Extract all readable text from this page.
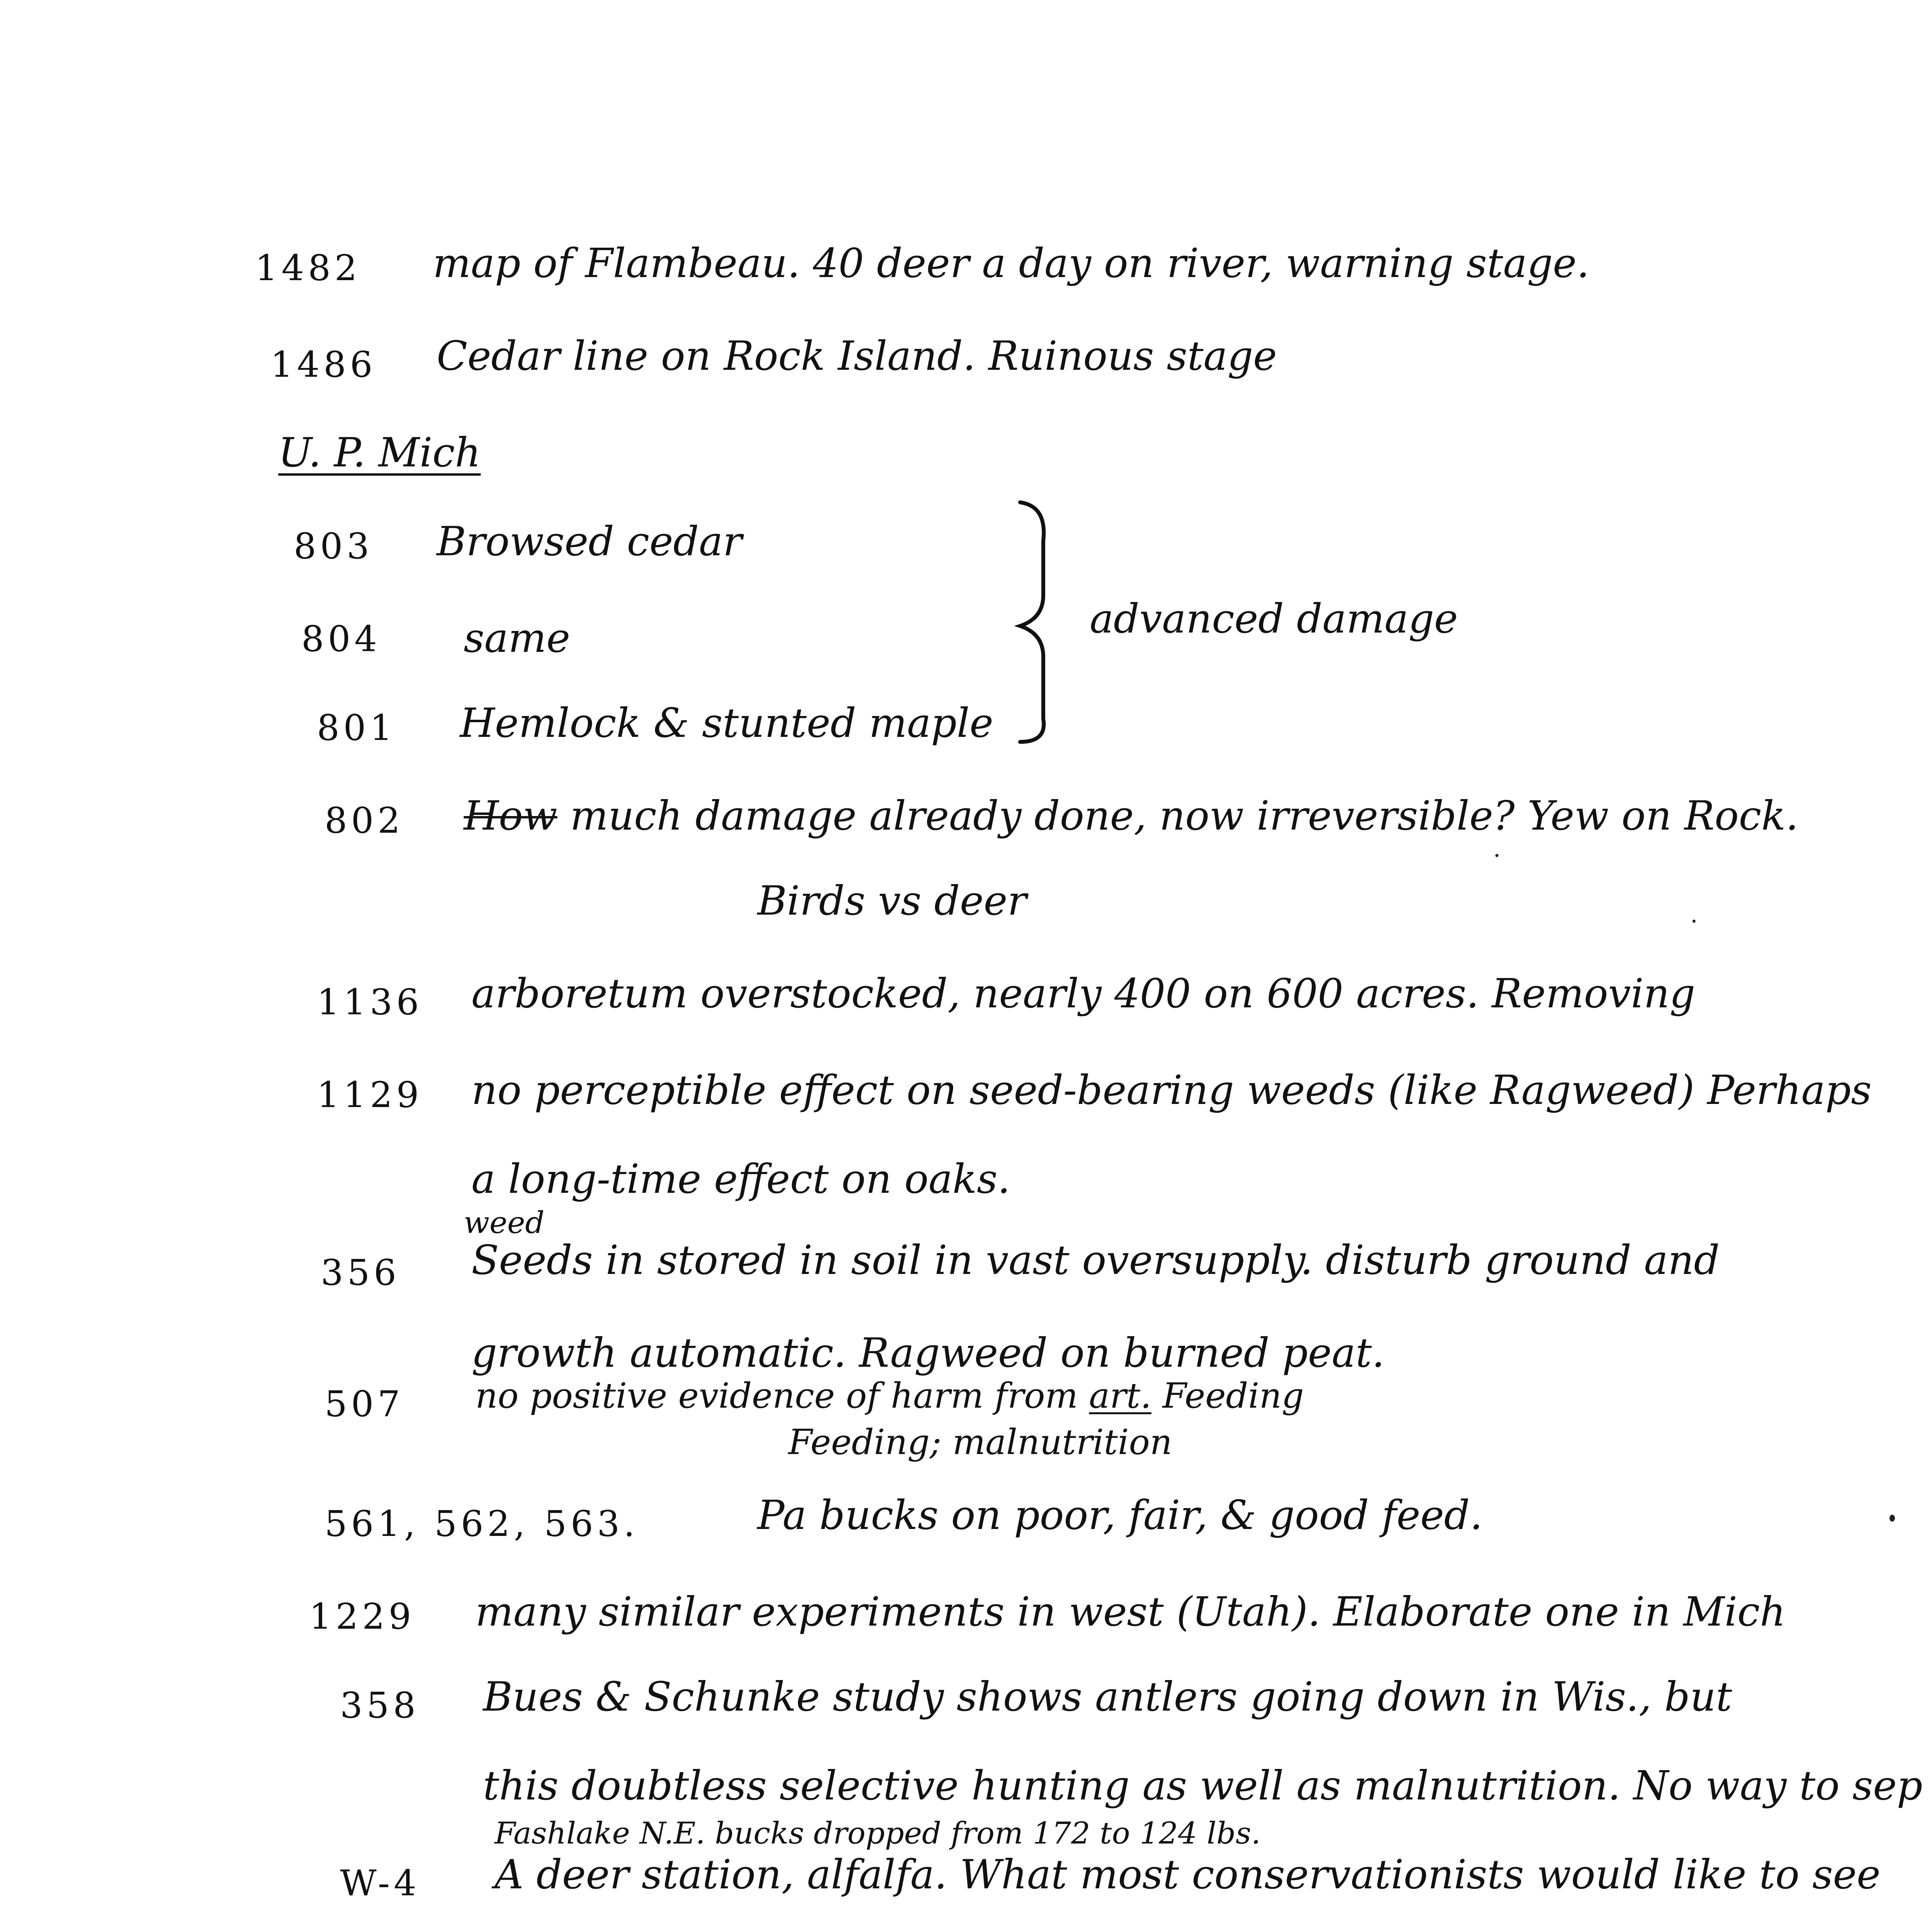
1482 map of Flambeau. 40 deer a day on river, warning stage.
1486 Cedar line on Rock Island. Ruinous stage
U. P. Mich
803 Browsed cedar
804 same
801 Hemlock & stunted maple
advanced damage
802 How much damage already done, now irreversible? Yew on Rock.
Birds vs deer
1136 arboretum overstocked, nearly 400 on 600 acres. Removing
1129 no perceptible effect on seed-bearing weeds (like Ragweed) Perhaps
a long-time effect on oaks.
weed
356 Seeds in stored in soil in vast oversupply. disturb ground and
growth automatic. Ragweed on burned peat.
507 no positive evidence of harm from art. Feeding
Feeding; malnutrition
561, 562, 563.	Pa bucks on poor, fair, & good feed.
1229 many similar experiments in west (Utah). Elaborate one in Mich
358 Bues & Schunke study shows antlers going down in Wis., but
this doubtless selective hunting as well as malnutrition. No way to sep
Fashlake N.E. bucks dropped from 172 to 124 lbs.
W-4 A deer station, alfalfa. What most conservationists would like to see
